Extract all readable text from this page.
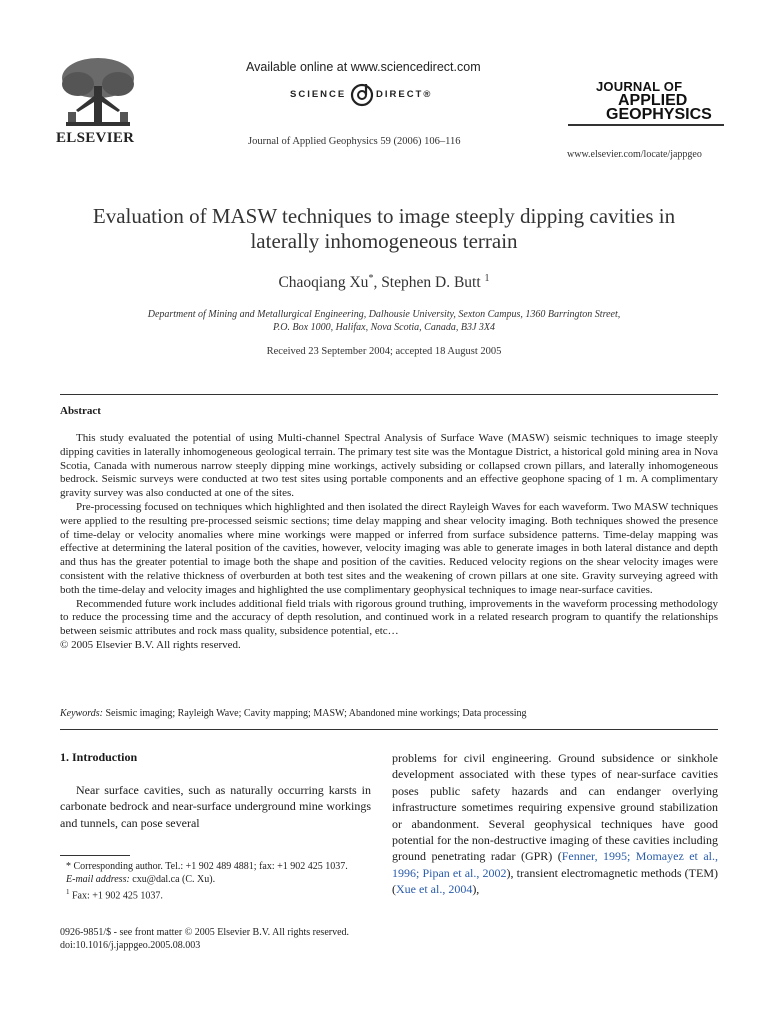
ELSEVIER
Available online at www.sciencedirect.com
SCIENCE	DIRECT®
Journal of Applied Geophysics 59 (2006) 106–116
JOURNAL OF
APPLIED
GEOPHYSICS
www.elsevier.com/locate/jappgeo
Evaluation of MASW techniques to image steeply dipping cavities in laterally inhomogeneous terrain
Chaoqiang Xu*, Stephen D. Butt $^1$
Department of Mining and Metallurgical Engineering, Dalhousie University, Sexton Campus, 1360 Barrington Street,
P.O. Box 1000, Halifax, Nova Scotia, Canada, B3J 3X4
Received 23 September 2004; accepted 18 August 2005
Abstract

This study evaluated the potential of using Multi-channel Spectral Analysis of Surface Wave (MASW) seismic techniques to image steeply dipping cavities in laterally inhomogeneous geological terrain. The primary test site was the Montague District, a historical gold mining area in Nova Scotia, Canada with numerous narrow steeply dipping mine workings, actively subsiding or collapsed crown pillars, and laterally inhomogeneous bedrock. Seismic surveys were conducted at two test sites using portable components and an effective geophone spacing of 1 m. A complimentary gravity survey was also conducted at one of the sites.

Pre-processing focused on techniques which highlighted and then isolated the direct Rayleigh Waves for each waveform. Two MASW techniques were applied to the resulting pre-processed seismic sections; time delay mapping and shear velocity imaging. Both techniques showed the presence of time-delay or velocity anomalies where mine workings were mapped or inferred from surface subsidence patterns. Time-delay mapping was effective at determining the lateral position of the cavities, however, velocity imaging was able to generate images in both lateral distance and depth and thus has the greater potential to image both the shape and position of the cavities. Reduced velocity regions on the shear velocity images were consistent with the relative thickness of overburden at both test sites and the weakening of crown pillars at one site. Gravity surveying agreed with both the time-delay and velocity images and highlighted the use complimentary geophysical techniques to image near-surface cavities.

Recommended future work includes additional field trials with rigorous ground truthing, improvements in the waveform processing methodology to reduce the processing time and the accuracy of depth resolution, and continued work in a related research program to quantify the relationships between seismic attributes and rock mass quality, subsidence potential, etc…

© 2005 Elsevier B.V. All rights reserved.

Keywords: Seismic imaging; Rayleigh Wave; Cavity mapping; MASW; Abandoned mine workings; Data processing
1. Introduction

Near surface cavities, such as naturally occurring karsts in carbonate bedrock and near-surface underground mine workings and tunnels, can pose several

* Corresponding author. Tel.: +1 902 489 4881; fax: +1 902 425 1037.
E-mail address: cxu@dal.ca (C. Xu).
$^1$ Fax: +1 902 425 1037.
0926-9851/$ - see front matter © 2005 Elsevier B.V. All rights reserved.
doi:10.1016/j.jappgeo.2005.08.003
problems for civil engineering. Ground subsidence or sinkhole development associated with these types of near-surface cavities poses public safety hazards and can endanger overlying infrastructure sometimes requiring expensive ground stabilization or abandonment. Several geophysical techniques have good potential for the non-destructive imaging of these cavities including ground penetrating radar (GPR) (Fenner, 1995; Momayez et al., 1996; Pipan et al., 2002), transient electromagnetic methods (TEM) (Xue et al., 2004),
